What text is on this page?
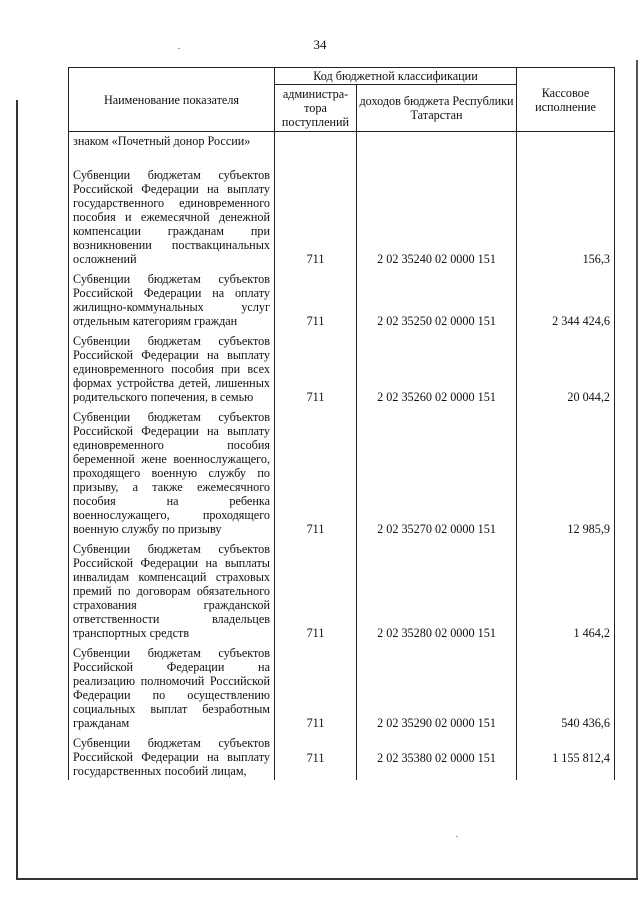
34
Наименование показателя	Код бюджетной классификации		Кассовое исполнение
	администра-тора поступлений	доходов бюджета Республики Татарстан	
знаком «Почетный донор России»			
Субвенции бюджетам субъектов Российской Федерации на выплату государственного единовременного пособия и ежемесячной денежной компенсации гражданам при возникновении поствакцинальных осложнений	711	2 02 35240 02 0000 151	156,3
Субвенции бюджетам субъектов Российской Федерации на оплату жилищно-коммунальных услуг отдельным категориям граждан	711	2 02 35250 02 0000 151	2 344 424,6
Субвенции бюджетам субъектов Российской Федерации на выплату единовременного пособия при всех формах устройства детей, лишенных родительского попечения, в семью	711	2 02 35260 02 0000 151	20 044,2
Субвенции бюджетам субъектов Российской Федерации на выплату единовременного пособия беременной жене военнослужащего, проходящего военную службу по призыву, а также ежемесячного пособия на ребенка военнослужащего, проходящего военную службу по призыву	711	2 02 35270 02 0000 151	12 985,9
Субвенции бюджетам субъектов Российской Федерации на выплаты инвалидам компенсаций страховых премий по договорам обязательного страхования гражданской ответственности владельцев транспортных средств	711	2 02 35280 02 0000 151	1 464,2
Субвенции бюджетам субъектов Российской Федерации на реализацию полномочий Российской Федерации по осуществлению социальных выплат безработным гражданам	711	2 02 35290 02 0000 151	540 436,6
Субвенции бюджетам субъектов Российской Федерации на выплату государственных пособий лицам,	711	2 02 35380 02 0000 151	1 155 812,4
